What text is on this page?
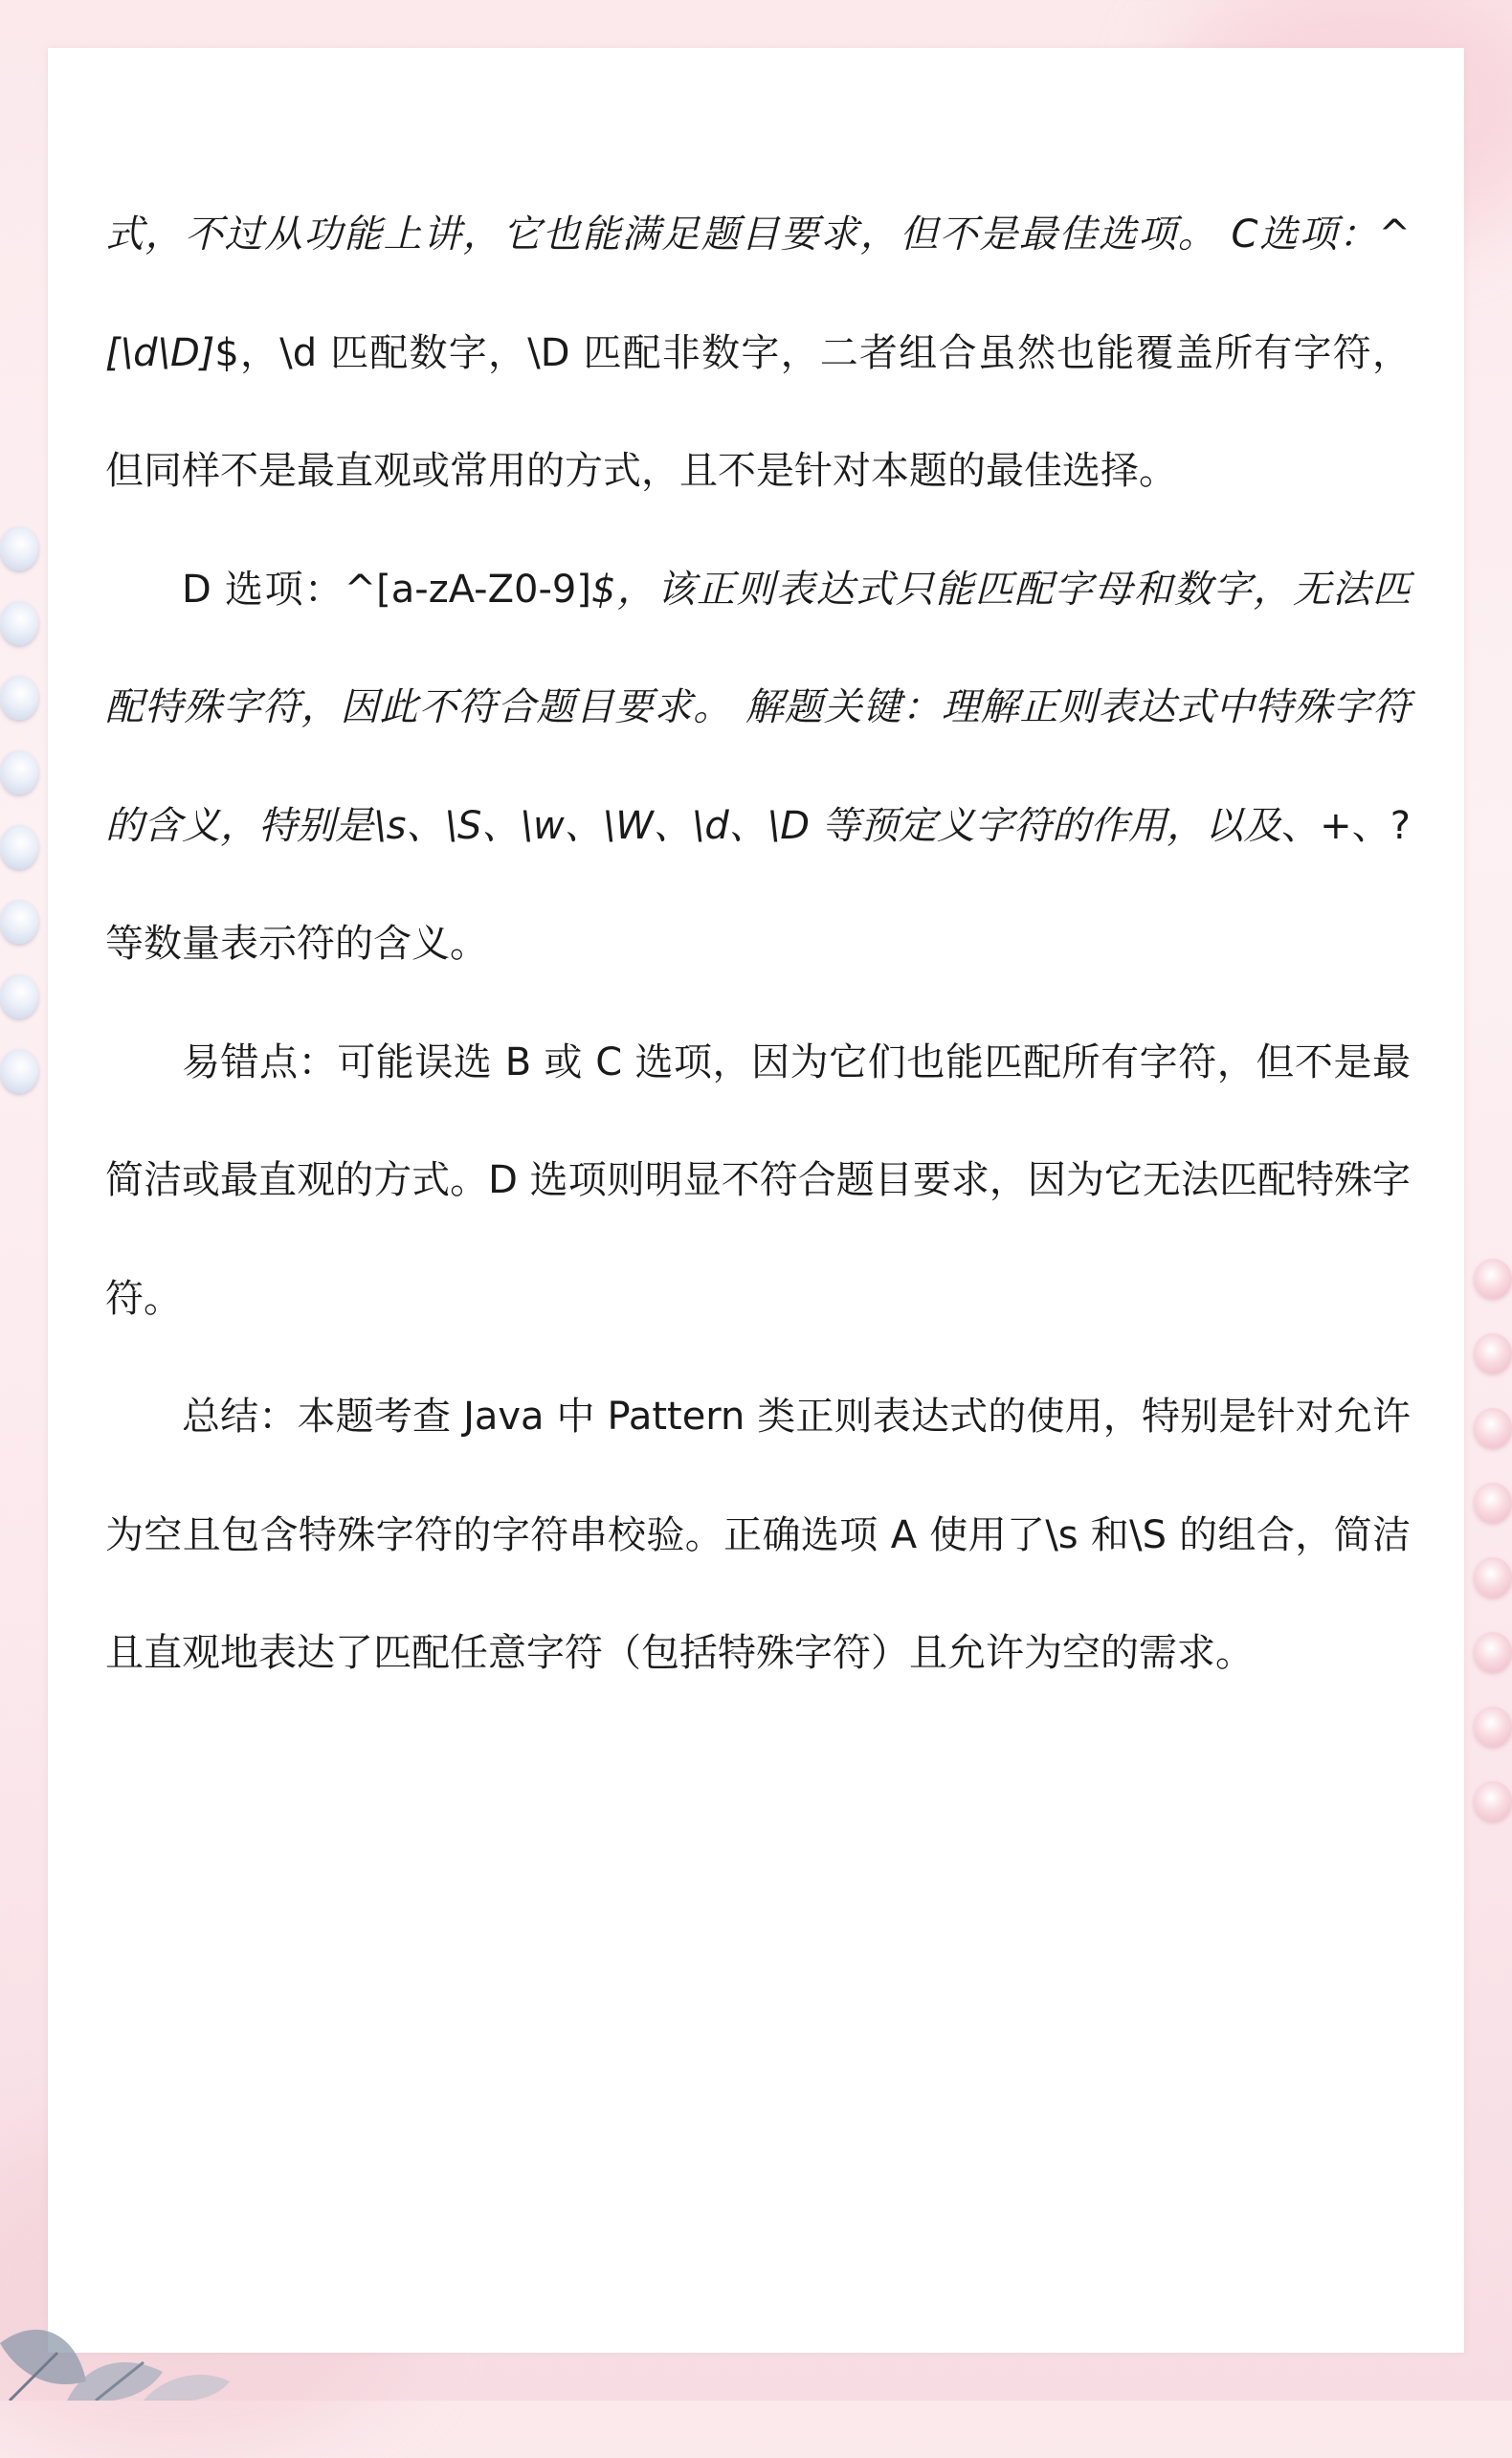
式，不过从功能上讲，它也能满足题目要求，但不是最佳选项。 C选项：^[\d\D]$，\d 匹配数字，\D 匹配非数字，二者组合虽然也能覆盖所有字符，但同样不是最直观或常用的方式，且不是针对本题的最佳选择。

D 选项：^[a-zA-Z0-9]$，该正则表达式只能匹配字母和数字，无法匹配特殊字符，因此不符合题目要求。 解题关键：理解正则表达式中特殊字符的含义，特别是\s、\S、\w、\W、\d、\D 等预定义字符的作用，以及、+、?等数量表示符的含义。

易错点：可能误选 B 或 C 选项，因为它们也能匹配所有字符，但不是最简洁或最直观的方式。D 选项则明显不符合题目要求，因为它无法匹配特殊字符。

总结：本题考查 Java 中 Pattern 类正则表达式的使用，特别是针对允许为空且包含特殊字符的字符串校验。正确选项 A 使用了\s 和\S 的组合，简洁且直观地表达了匹配任意字符（包括特殊字符）且允许为空的需求。
